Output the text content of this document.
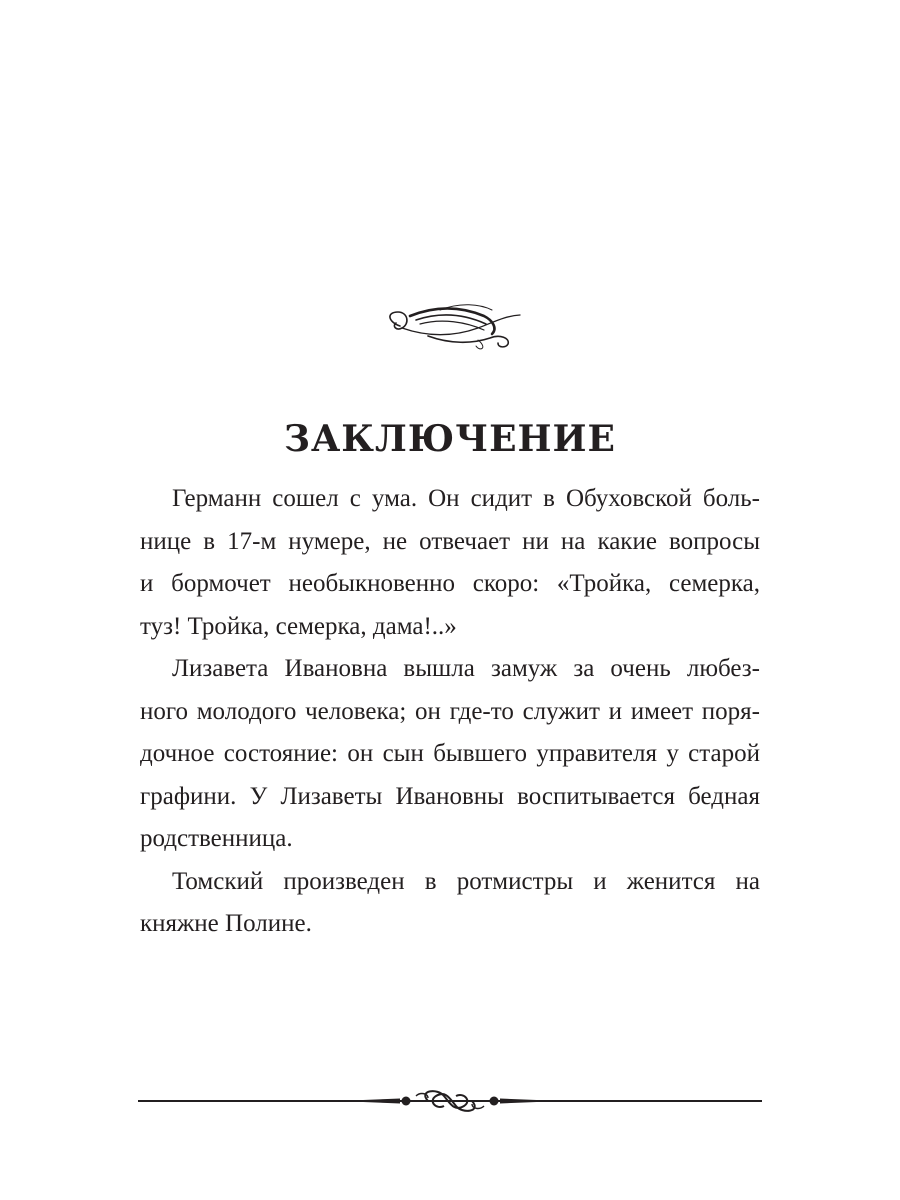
ЗАКЛЮЧЕНИЕ
Германн сошел с ума. Он сидит в Обуховской боль-
нице в 17-м нумере, не отвечает ни на какие вопросы
и бормочет необыкновенно скоро: «Тройка, семерка,
туз! Тройка, семерка, дама!..»
Лизавета Ивановна вышла замуж за очень любез-
ного молодого человека; он где-то служит и имеет поря-
дочное состояние: он сын бывшего управителя у старой
графини. У Лизаветы Ивановны воспитывается бедная
родственница.
Томский произведен в ротмистры и женится на
княжне Полине.
